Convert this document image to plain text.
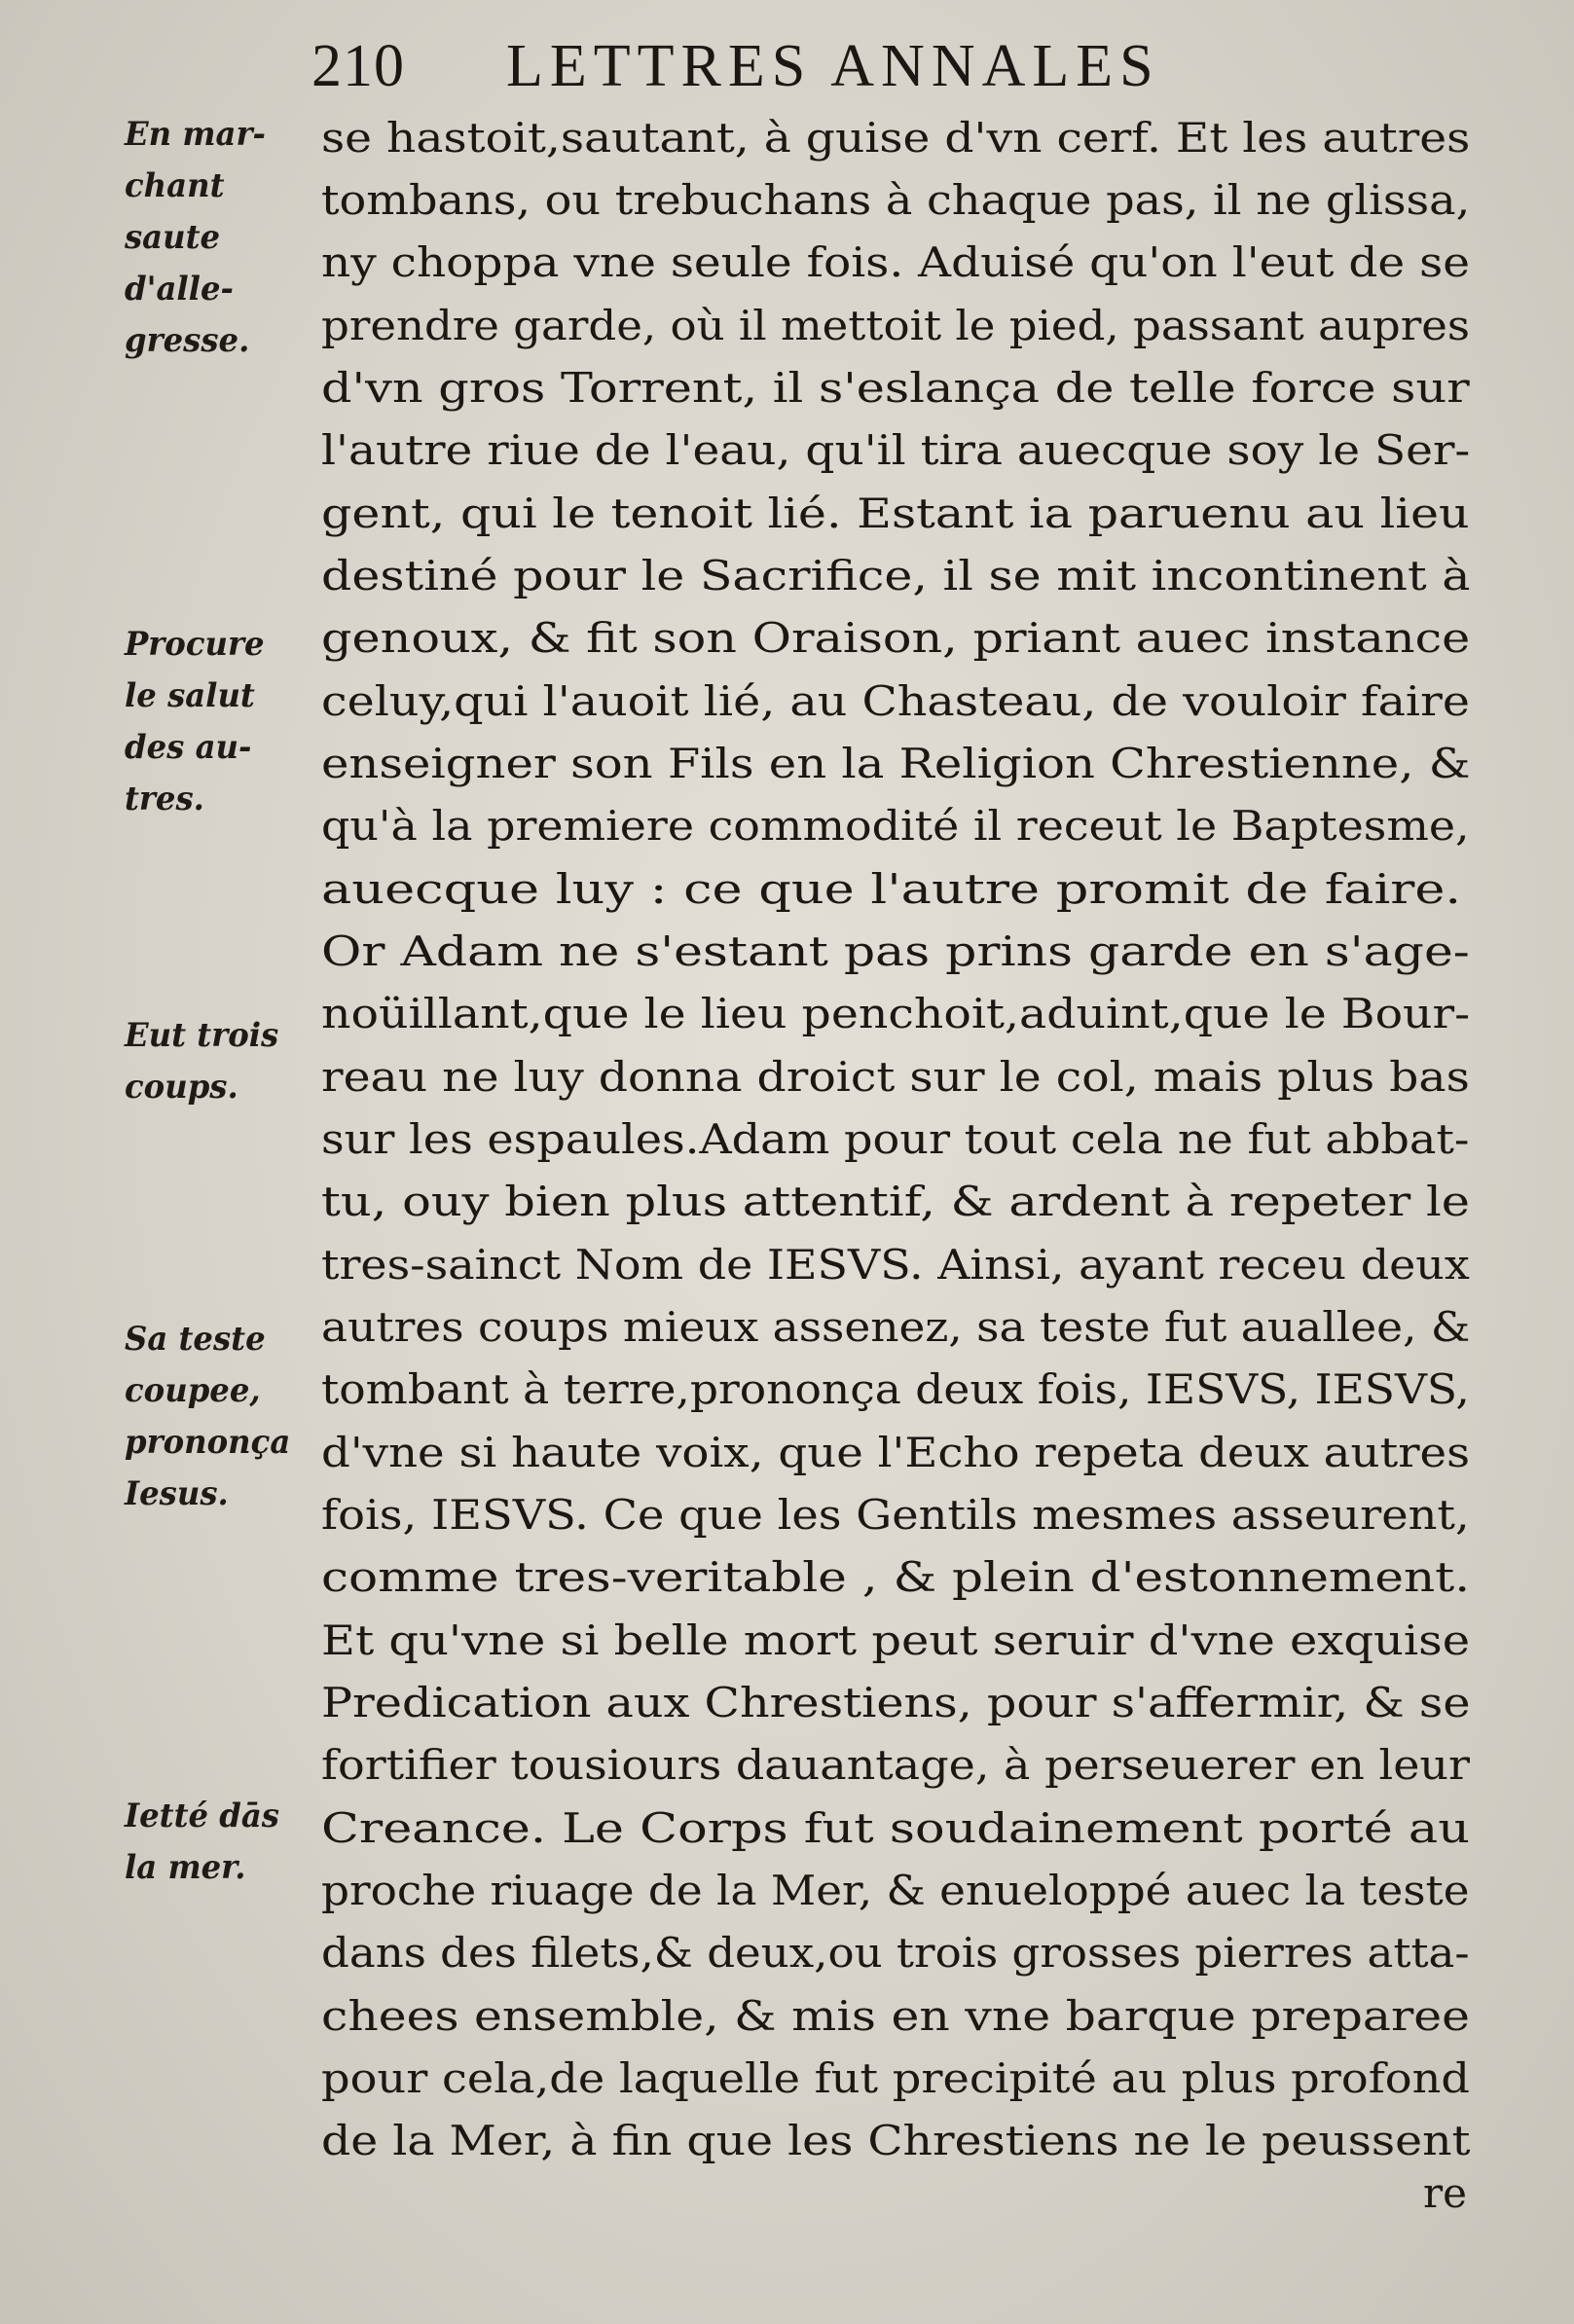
210 LETTRES ANNALES
En mar-
chant
saute
d'alle-
gresse.
Procure
le salut
des au-
tres.
Eut trois
coups.
Sa teste
coupee,
prononça
Iesus.
Ietté dās
la mer.
se hastoit,sautant, à guise d'vn cerf. Et les autres
tombans, ou trebuchans à chaque pas, il ne glissa,
ny choppa vne seule fois. Aduisé qu'on l'eut de se
prendre garde, où il mettoit le pied, passant aupres
d'vn gros Torrent, il s'eslança de telle force sur
l'autre riue de l'eau, qu'il tira auecque soy le Ser-
gent, qui le tenoit lié. Estant ia paruenu au lieu
destiné pour le Sacrifice, il se mit incontinent à
genoux, & fit son Oraison, priant auec instance
celuy,qui l'auoit lié, au Chasteau, de vouloir faire
enseigner son Fils en la Religion Chrestienne, &
qu'à la premiere commodité il receut le Baptesme,
auecque luy : ce que l'autre promit de faire.
Or Adam ne s'estant pas prins garde en s'age-
noüillant,que le lieu penchoit,aduint,que le Bour-
reau ne luy donna droict sur le col, mais plus bas
sur les espaules.Adam pour tout cela ne fut abbat-
tu, ouy bien plus attentif, & ardent à repeter le
tres-sainct Nom de IESVS. Ainsi, ayant receu deux
autres coups mieux assenez, sa teste fut auallee, &
tombant à terre,prononça deux fois, IESVS, IESVS,
d'vne si haute voix, que l'Echo repeta deux autres
fois, IESVS. Ce que les Gentils mesmes asseurent,
comme tres-veritable , & plein d'estonnement.
Et qu'vne si belle mort peut seruir d'vne exquise
Predication aux Chrestiens, pour s'affermir, & se
fortifier tousiours dauantage, à perseuerer en leur
Creance. Le Corps fut soudainement porté au
proche riuage de la Mer, & enueloppé auec la teste
dans des filets,& deux,ou trois grosses pierres atta-
chees ensemble, & mis en vne barque preparee
pour cela,de laquelle fut precipité au plus profond
de la Mer, à fin que les Chrestiens ne le peussent
re
